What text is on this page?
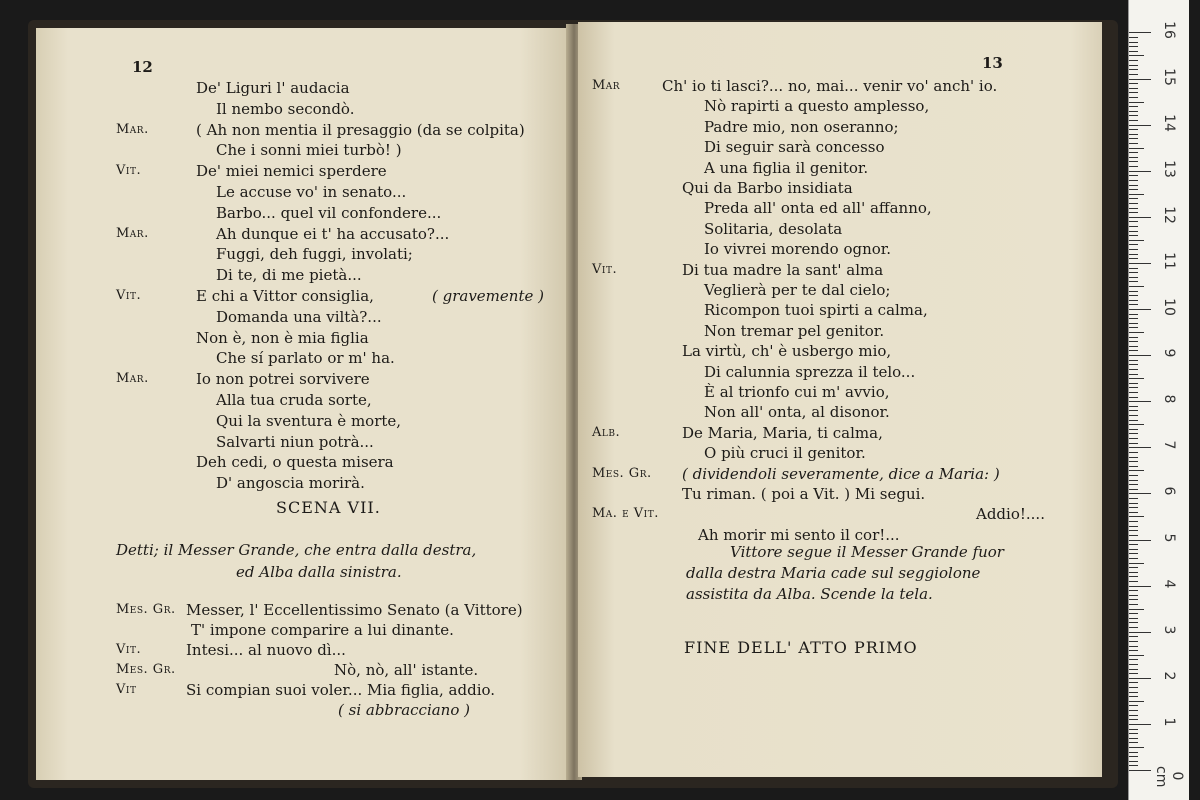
12
De' Liguri l' audacia
Il nembo secondò.
Mar.	( Ah non mentia il presaggio (da se colpita)
Che i sonni miei turbò! )
Vit.	De' miei nemici sperdere
Le accuse vo' in senato...
Barbo... quel vil confondere...
Mar.	Ah dunque ei t' ha accusato?...
Fuggi, deh fuggi, involati;
Di te, di me pietà...
Vit.	E chi a Vittor consiglia,	( gravemente )
Domanda una viltà?...
Non è, non è mia figlia
Che sí parlato or m' ha.
Mar.	Io non potrei sorvivere
Alla tua cruda sorte,
Qui la sventura è morte,
Salvarti niun potrà...
Deh cedi, o questa misera
D' angoscia morirà.
SCENA VII.
Detti; il Messer Grande, che entra dalla destra,
ed Alba dalla sinistra.
Mes. Gr. Messer, l' Eccellentissimo Senato (a Vittore)
T' impone comparire a lui dinante.
Vit.	Intesi... al nuovo dì...
Mes. Gr.	Nò, nò, all' istante.
Vit	Si compian suoi voler... Mia figlia, addio.
( si abbracciano )
13
Mar	Ch' io ti lasci?... no, mai... venir vo' anch' io.
Nò rapirti a questo amplesso,
Padre mio, non oseranno;
Di seguir sarà concesso
A una figlia il genitor.
Qui da Barbo insidiata
Preda all' onta ed all' affanno,
Solitaria, desolata
Io vivrei morendo ognor.
Vit.	Di tua madre la sant' alma
Veglierà per te dal cielo;
Ricompon tuoi spirti a calma,
Non tremar pel genitor.
La virtù, ch' è usbergo mio,
Di calunnia sprezza il telo...
È al trionfo cui m' avvio,
Non all' onta, al disonor.
Alb.	De Maria, Maria, ti calma,
O più cruci il genitor.
Mes. Gr. ( dividendoli severamente, dice a Maria: )
Tu riman. ( poi a Vit. ) Mi segui.
Ma. e Vit.	Addio!....
Ah morir mi sento il cor!...
Vittore segue il Messer Grande fuor
dalla destra Maria cade sul seggiolone
assistita da Alba. Scende la tela.
FINE DELL' ATTO PRIMO
0 cm
1
2
3
4
5
6
7
8
9
10
11
12
13
14
15
16
